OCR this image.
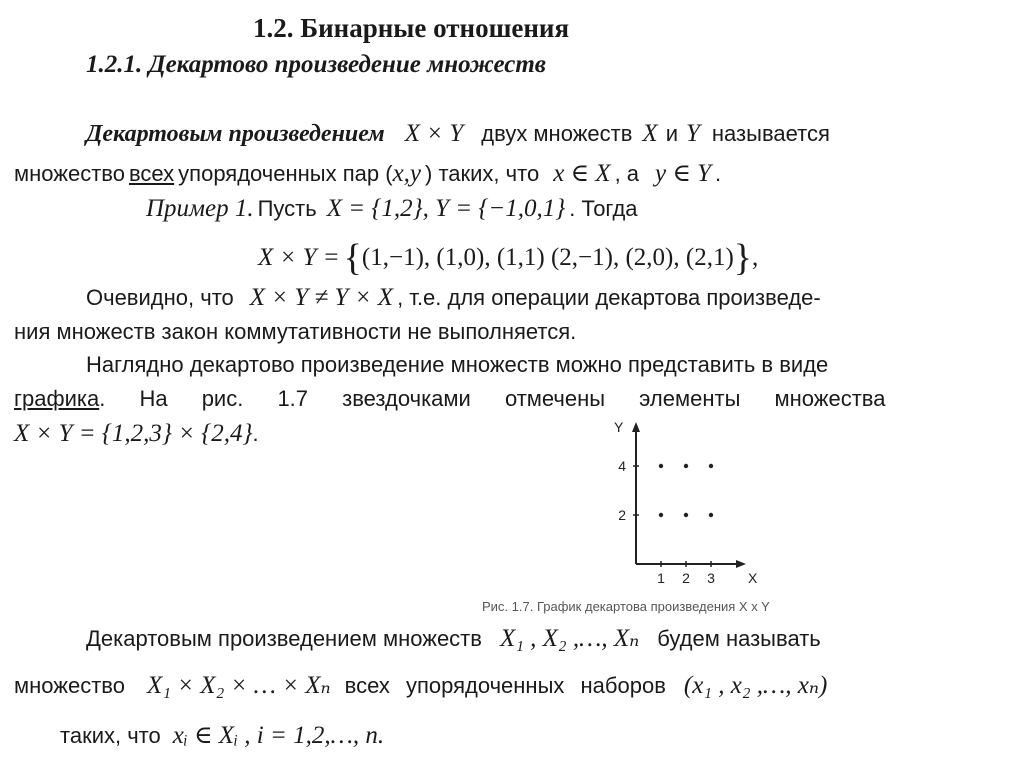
1.2. Бинарные отношения
1.2.1. Декартово произведение множеств
Декартовым произведением X × Y двух множеств X и Y называется
множество всех упорядоченных пар (x,y ) таких, что x ∈ X , а y ∈ Y .
Пример 1. Пусть X = {1,2}, Y = {−1,0,1} . Тогда
X × Y = {(1,−1), (1,0), (1,1) (2,−1), (2,0), (2,1)},
Очевидно, что X × Y ≠ Y × X , т.е. для операции декартова произведе-
ния множеств закон коммутативности не выполняется.
Наглядно декартово произведение множеств можно представить в виде
графика . На рис. 1.7 звездочками отмечены элементы множества
X × Y = {1,2,3} × {2,4}.
X
Y
1 2 3
2
4
Рис. 1.7. График декартова произведения X x Y
Декартовым произведением множеств X₁ , X₂ ,…, Xₙ будем называть
множество X₁ × X₂ × … × Xₙ всех упорядоченных наборов (x₁ , x₂ ,…, xₙ)
таких, что xᵢ ∈ Xᵢ , i = 1,2,…, n.
